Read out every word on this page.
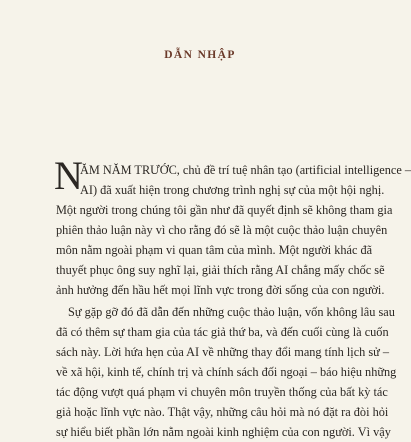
DẪN NHẬP
N
ĂM NĂM TRƯỚC, chủ đề trí tuệ nhân tạo (artificial intelligence –
AI) đã xuất hiện trong chương trình nghị sự của một hội nghị.
Một người trong chúng tôi gần như đã quyết định sẽ không tham gia
phiên thảo luận này vì cho rằng đó sẽ là một cuộc thảo luận chuyên
môn nằm ngoài phạm vi quan tâm của mình. Một người khác đã
thuyết phục ông suy nghĩ lại, giải thích rằng AI chẳng mấy chốc sẽ
ảnh hưởng đến hầu hết mọi lĩnh vực trong đời sống của con người.
Sự gặp gỡ đó đã dẫn đến những cuộc thảo luận, vốn không lâu sau
đã có thêm sự tham gia của tác giả thứ ba, và đến cuối cùng là cuốn
sách này. Lời hứa hẹn của AI về những thay đổi mang tính lịch sử –
về xã hội, kinh tế, chính trị và chính sách đối ngoại – báo hiệu những
tác động vượt quá phạm vi chuyên môn truyền thống của bất kỳ tác
giả hoặc lĩnh vực nào. Thật vậy, những câu hỏi mà nó đặt ra đòi hỏi
sự hiểu biết phần lớn nằm ngoài kinh nghiệm của con người. Vì vậy
